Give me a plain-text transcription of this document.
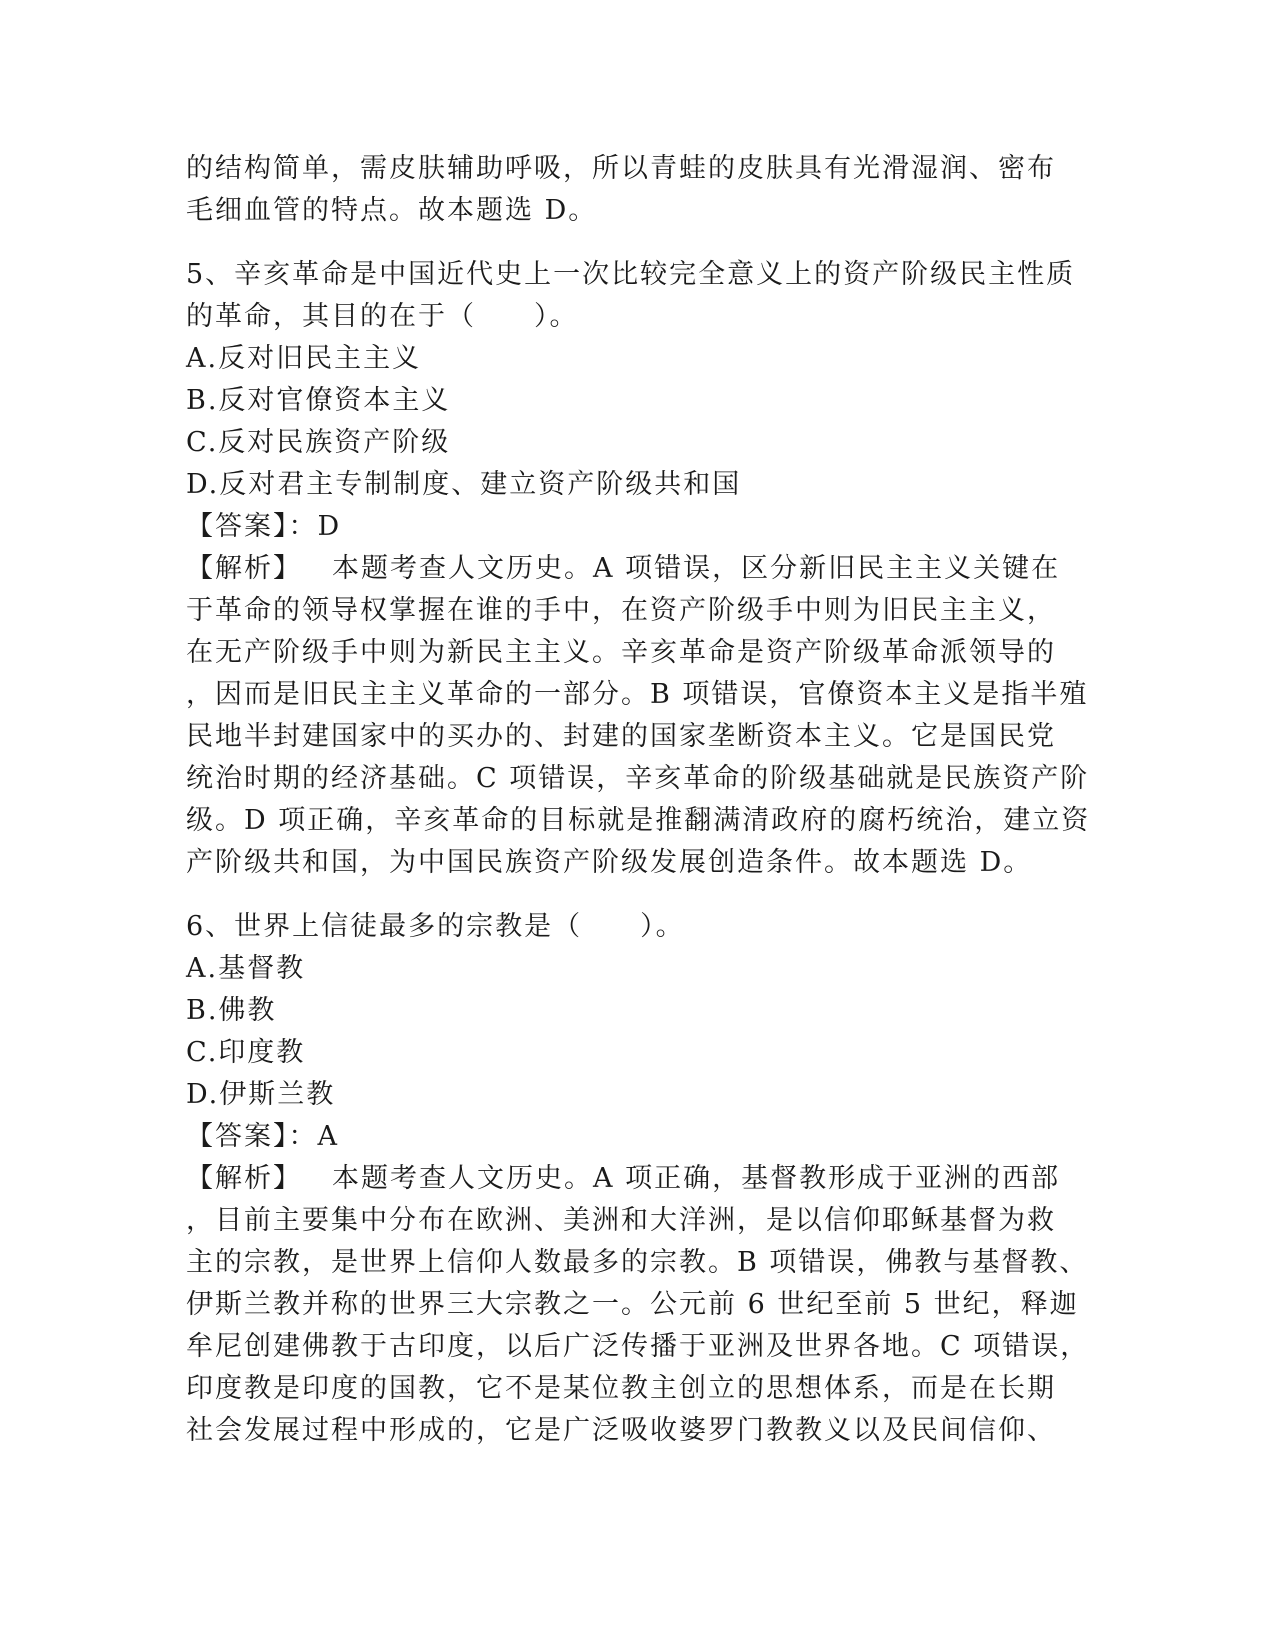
的结构简单，需皮肤辅助呼吸，所以青蛙的皮肤具有光滑湿润、密布
毛细血管的特点。故本题选 D。
5、辛亥革命是中国近代史上一次比较完全意义上的资产阶级民主性质
的革命，其目的在于（　　）。
A.反对旧民主主义
B.反对官僚资本主义
C.反对民族资产阶级
D.反对君主专制制度、建立资产阶级共和国
【答案】：D
【解析】 本题考查人文历史。A 项错误，区分新旧民主主义关键在
于革命的领导权掌握在谁的手中，在资产阶级手中则为旧民主主义，
在无产阶级手中则为新民主主义。辛亥革命是资产阶级革命派领导的
，因而是旧民主主义革命的一部分。B 项错误，官僚资本主义是指半殖
民地半封建国家中的买办的、封建的国家垄断资本主义。它是国民党
统治时期的经济基础。C 项错误，辛亥革命的阶级基础就是民族资产阶
级。D 项正确，辛亥革命的目标就是推翻满清政府的腐朽统治，建立资
产阶级共和国，为中国民族资产阶级发展创造条件。故本题选 D。
6、世界上信徒最多的宗教是（　　）。
A.基督教
B.佛教
C.印度教
D.伊斯兰教
【答案】：A
【解析】 本题考查人文历史。A 项正确，基督教形成于亚洲的西部
，目前主要集中分布在欧洲、美洲和大洋洲，是以信仰耶稣基督为救
主的宗教，是世界上信仰人数最多的宗教。B 项错误，佛教与基督教、
伊斯兰教并称的世界三大宗教之一。公元前 6 世纪至前 5 世纪，释迦
牟尼创建佛教于古印度，以后广泛传播于亚洲及世界各地。C 项错误，
印度教是印度的国教，它不是某位教主创立的思想体系，而是在长期
社会发展过程中形成的，它是广泛吸收婆罗门教教义以及民间信仰、
